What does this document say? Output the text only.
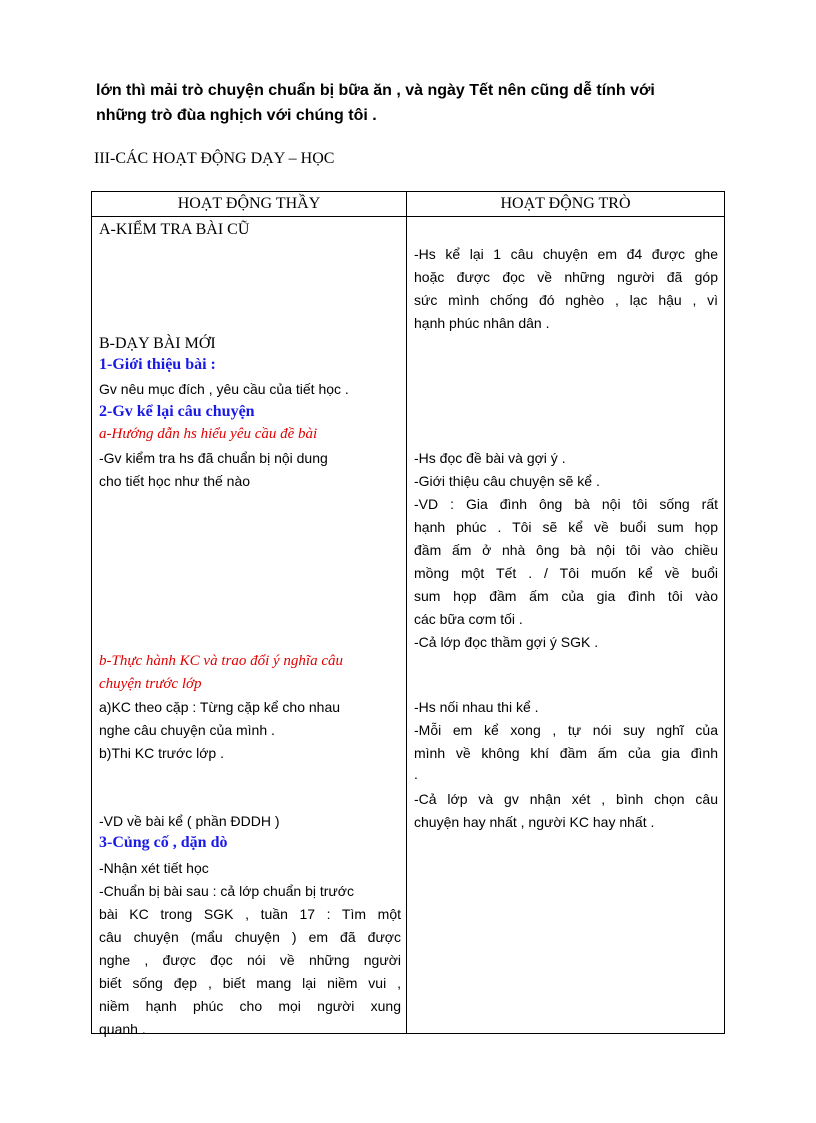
lớn thì mải trò chuyện chuẩn bị bữa ăn , và ngày Tết nên cũng dễ tính với
những trò đùa nghịch với chúng tôi .

III-CÁC HOẠT ĐỘNG DẠY – HỌC

HOẠT ĐỘNG THẦY	HOẠT ĐỘNG TRÒ
A-KIỂM TRA BÀI CŨ
B-DẠY BÀI MỚI
1-Giới thiệu bài :
Gv nêu mục đích , yêu cầu của tiết học .
2-Gv kể lại câu chuyện
a-Hướng dẫn hs hiểu yêu cầu đề bài
-Gv kiểm tra hs đã chuẩn bị nội dung
cho tiết học như thế nào
b-Thực hành KC và trao đổi ý nghĩa câu
chuyện trước lớp
a)KC theo cặp : Từng cặp kể cho nhau
nghe câu chuyện của mình .
b)Thi KC trước lớp .
-VD về bài kể ( phần ĐDDH )
3-Củng cố , dặn dò
-Nhận xét tiết học
-Chuẩn bị bài sau : cả lớp chuẩn bị trước
bài KC trong SGK , tuần 17 : Tìm một
câu chuyện (mẩu chuyện ) em đã được
nghe , được đọc nói về những người
biết sống đẹp , biết mang lại niềm vui ,
niềm hạnh phúc cho mọi người xung
quanh .
-Hs kể lại 1 câu chuyện em đ4 được ghe
hoặc được đọc về những người đã góp
sức mình chống đó nghèo , lạc hậu , vì
hạnh phúc nhân dân .
-Hs đọc đề bài và gợi ý .
-Giới thiệu câu chuyện sẽ kể .
-VD : Gia đình ông bà nội tôi sống rất
hạnh phúc . Tôi sẽ kể về buổi sum họp
đầm ấm ở nhà ông bà nội tôi vào chiều
mồng một Tết . / Tôi muốn kể về buổi
sum họp đầm ấm của gia đình tôi vào
các bữa cơm tối .
-Cả lớp đọc thầm gợi ý SGK .
-Hs nối nhau thi kể .
-Mỗi em kể xong , tự nói suy nghĩ của
mình về không khí đầm ấm của gia đình
.
-Cả lớp và gv nhận xét , bình chọn câu
chuyện hay nhất , người KC hay nhất .
